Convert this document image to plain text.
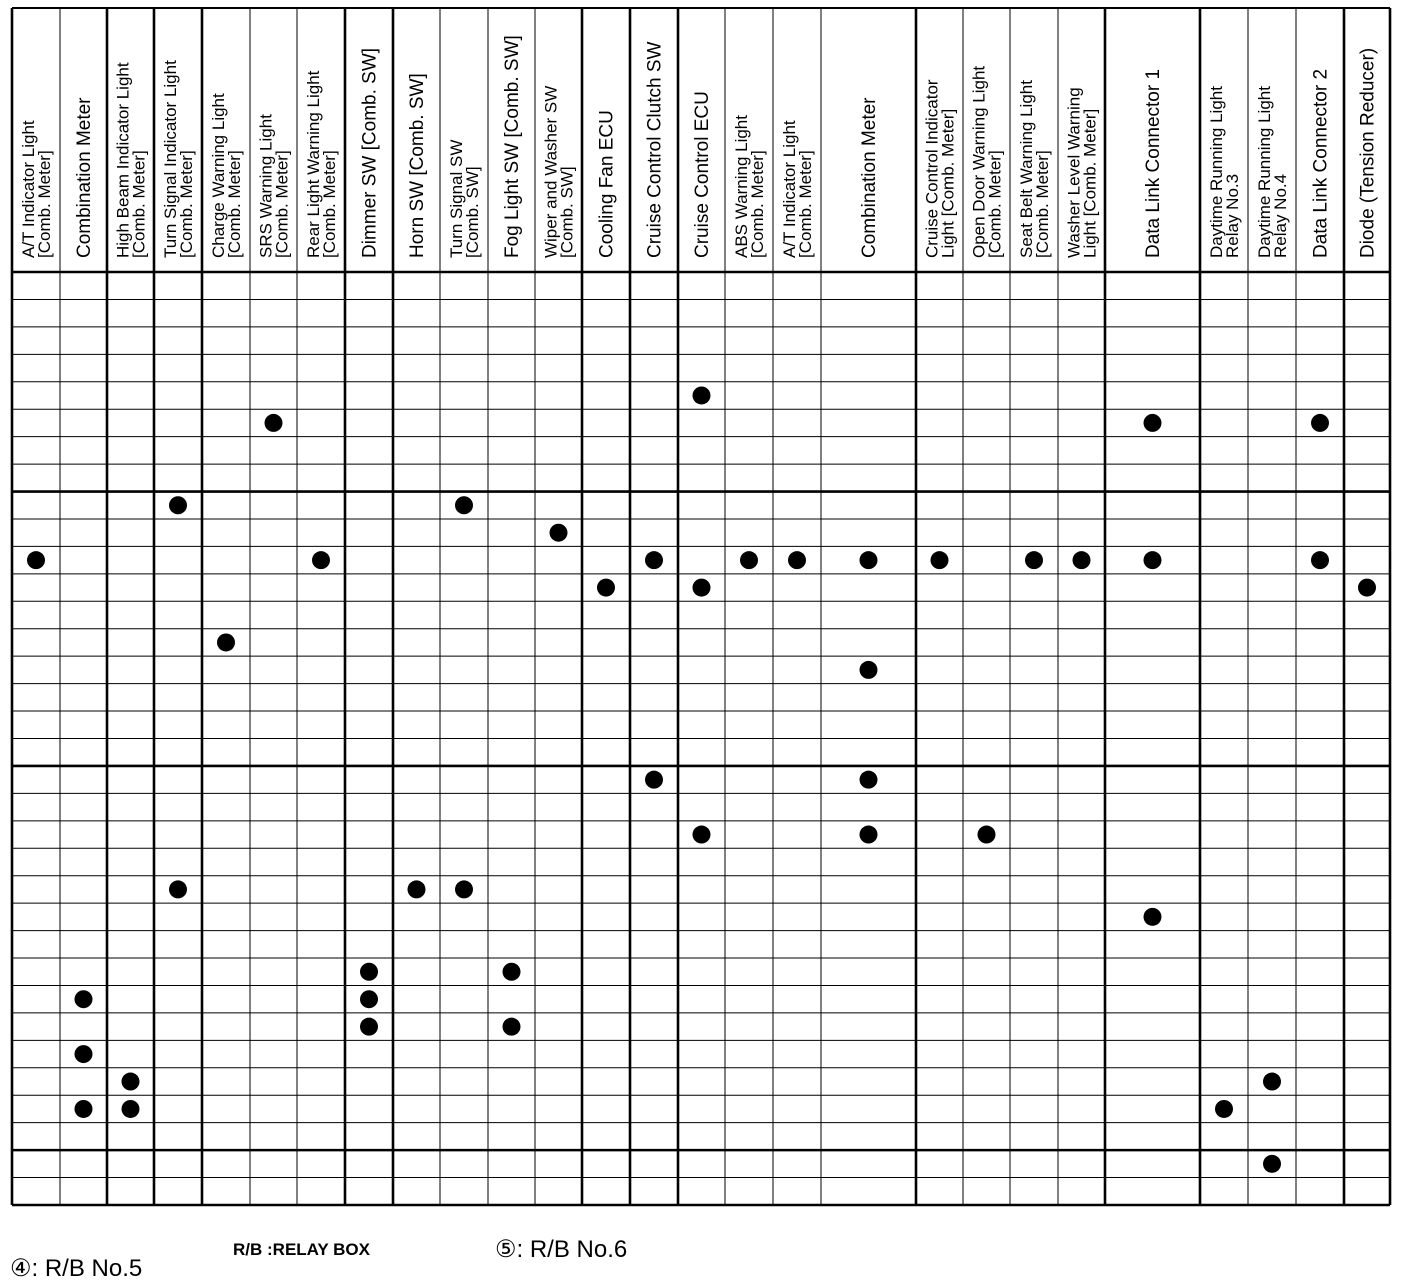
A/T Indicator Light
[Comb. Meter] Combination Meter High Beam Indicator Light
[Comb. Meter] Turn Signal Indicator Light
[Comb. Meter] Charge Warning Light
[Comb. Meter] SRS Warning Light
[Comb. Meter] Rear Light Warning Light
[Comb. Meter] Dimmer SW [Comb. SW] Horn SW [Comb. SW] Turn Signal SW
[Comb. SW] Fog Light SW [Comb. SW] Wiper and Washer SW
[Comb. SW] Cooling Fan ECU Cruise Control Clutch SW Cruise Control ECU ABS Warning Light
[Comb. Meter] A/T Indicator Light
[Comb. Meter] Combination Meter Cruise Control Indicator
Light [Comb. Meter] Open Door Warning Light
[Comb. Meter] Seat Belt Warning Light
[Comb. Meter] Washer Level Warning
Light [Comb. Meter] Data Link Connector 1	Daytime Running Light
Relay No.3 Daytime Running Light
Relay No.4 Data Link Connector 2 Diode (Tension Reducer)
④: R/B No.5
R/B :RELAY BOX	⑤: R/B No.6
